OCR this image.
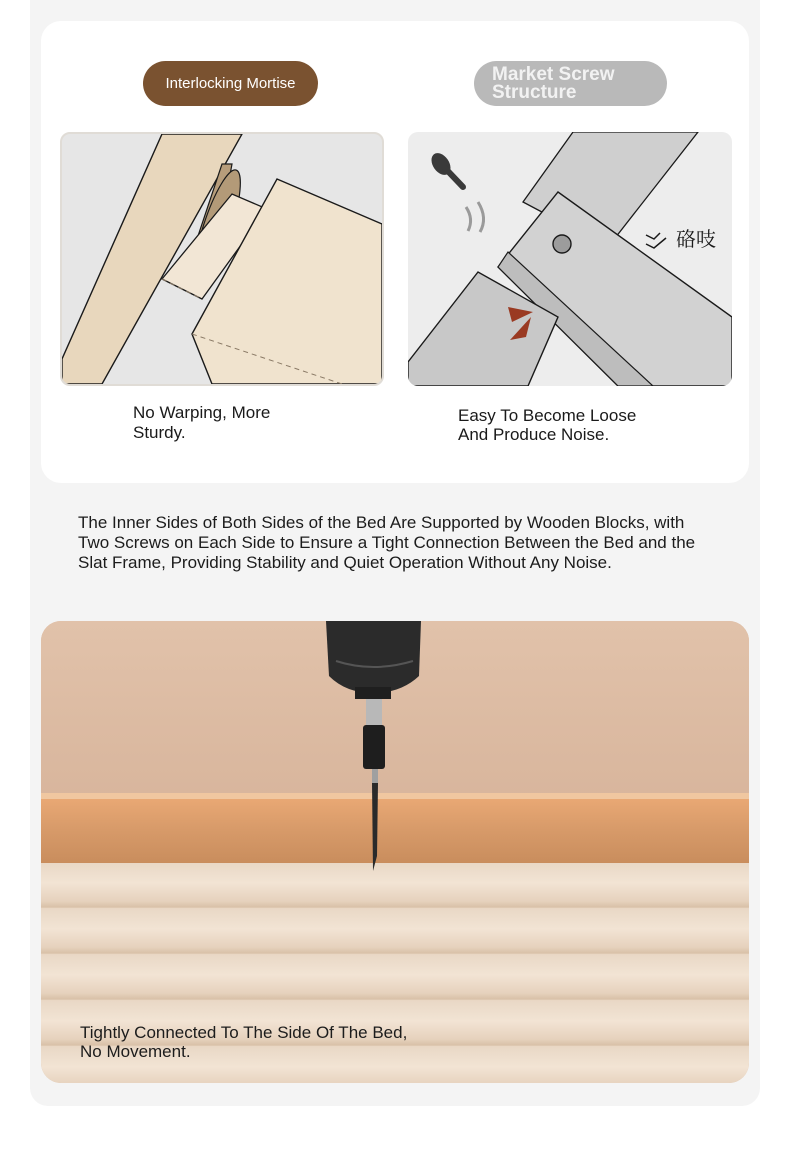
Interlocking Mortise	Market Screw
Structure
硌吱
No Warping, More
Sturdy.
Easy To Become Loose
And Produce Noise.
The Inner Sides of Both Sides of the Bed Are Supported by Wooden Blocks, with Two Screws on Each Side to Ensure a Tight Connection Between the Bed and the Slat Frame, Providing Stability and Quiet Operation Without Any Noise.
Tightly Connected To The Side Of The Bed,
No Movement.
